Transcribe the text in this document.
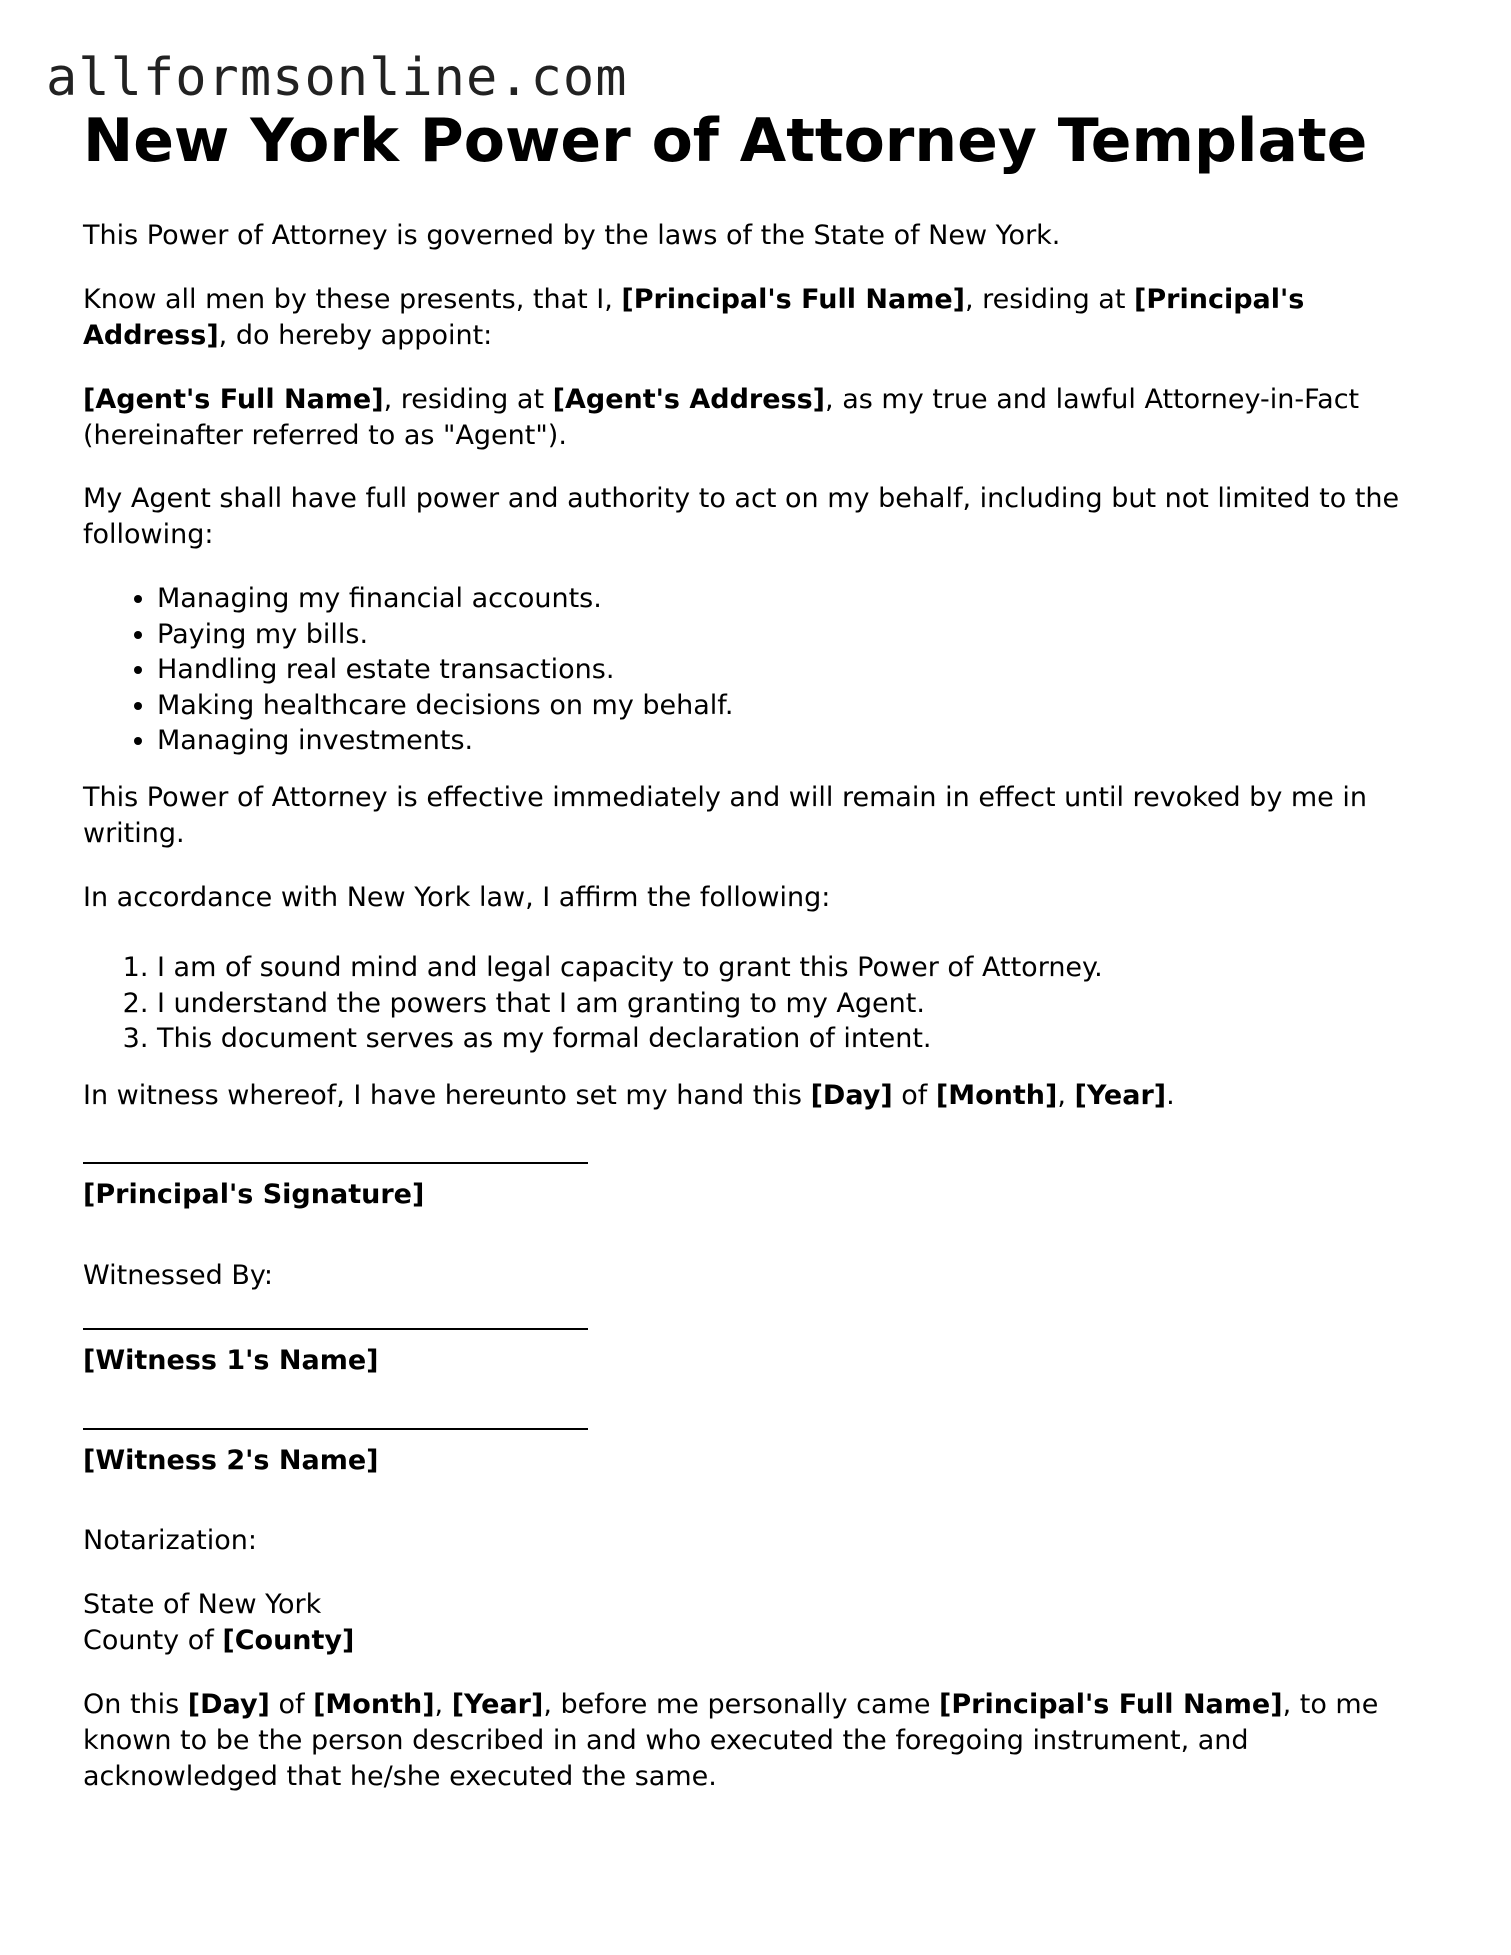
allformsonline.com
New York Power of Attorney Template

This Power of Attorney is governed by the laws of the State of New York.

Know all men by these presents, that I, [Principal's Full Name], residing at [Principal's Address], do hereby appoint:

[Agent's Full Name], residing at [Agent's Address], as my true and lawful Attorney-in-Fact (hereinafter referred to as "Agent").

My Agent shall have full power and authority to act on my behalf, including but not limited to the following:

• Managing my financial accounts.
• Paying my bills.
• Handling real estate transactions.
• Making healthcare decisions on my behalf.
• Managing investments.

This Power of Attorney is effective immediately and will remain in effect until revoked by me in writing.

In accordance with New York law, I affirm the following:

1. I am of sound mind and legal capacity to grant this Power of Attorney.
2. I understand the powers that I am granting to my Agent.
3. This document serves as my formal declaration of intent.

In witness whereof, I have hereunto set my hand this [Day] of [Month], [Year].

[Principal's Signature]

Witnessed By:

[Witness 1's Name]

[Witness 2's Name]

Notarization:

State of New York
County of [County]

On this [Day] of [Month], [Year], before me personally came [Principal's Full Name], to me known to be the person described in and who executed the foregoing instrument, and acknowledged that he/she executed the same.
